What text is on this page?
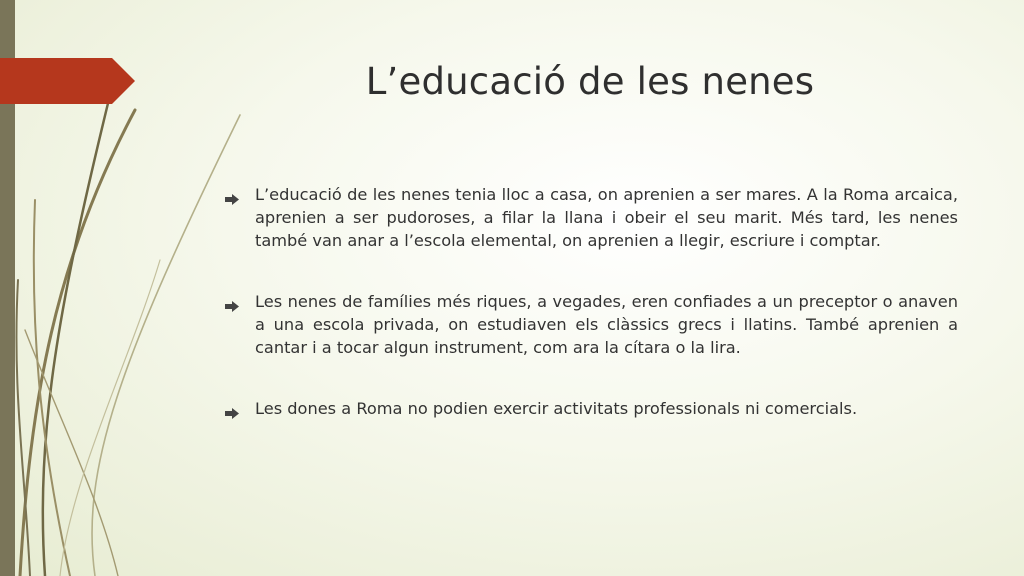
L’educació de les nenes
L’educació de les nenes tenia lloc a casa, on aprenien a ser mares. A la Roma arcaica, aprenien a ser pudoroses, a filar la llana i obeir el seu marit. Més tard, les nenes també van anar a l’escola elemental, on aprenien a llegir, escriure i comptar.
Les nenes de famílies més riques, a vegades, eren confiades a un preceptor o anaven a una escola privada, on estudiaven els clàssics grecs i llatins. També aprenien a cantar i a tocar algun instrument, com ara la cítara o la lira.
Les dones a Roma no podien exercir activitats professionals ni comercials.
